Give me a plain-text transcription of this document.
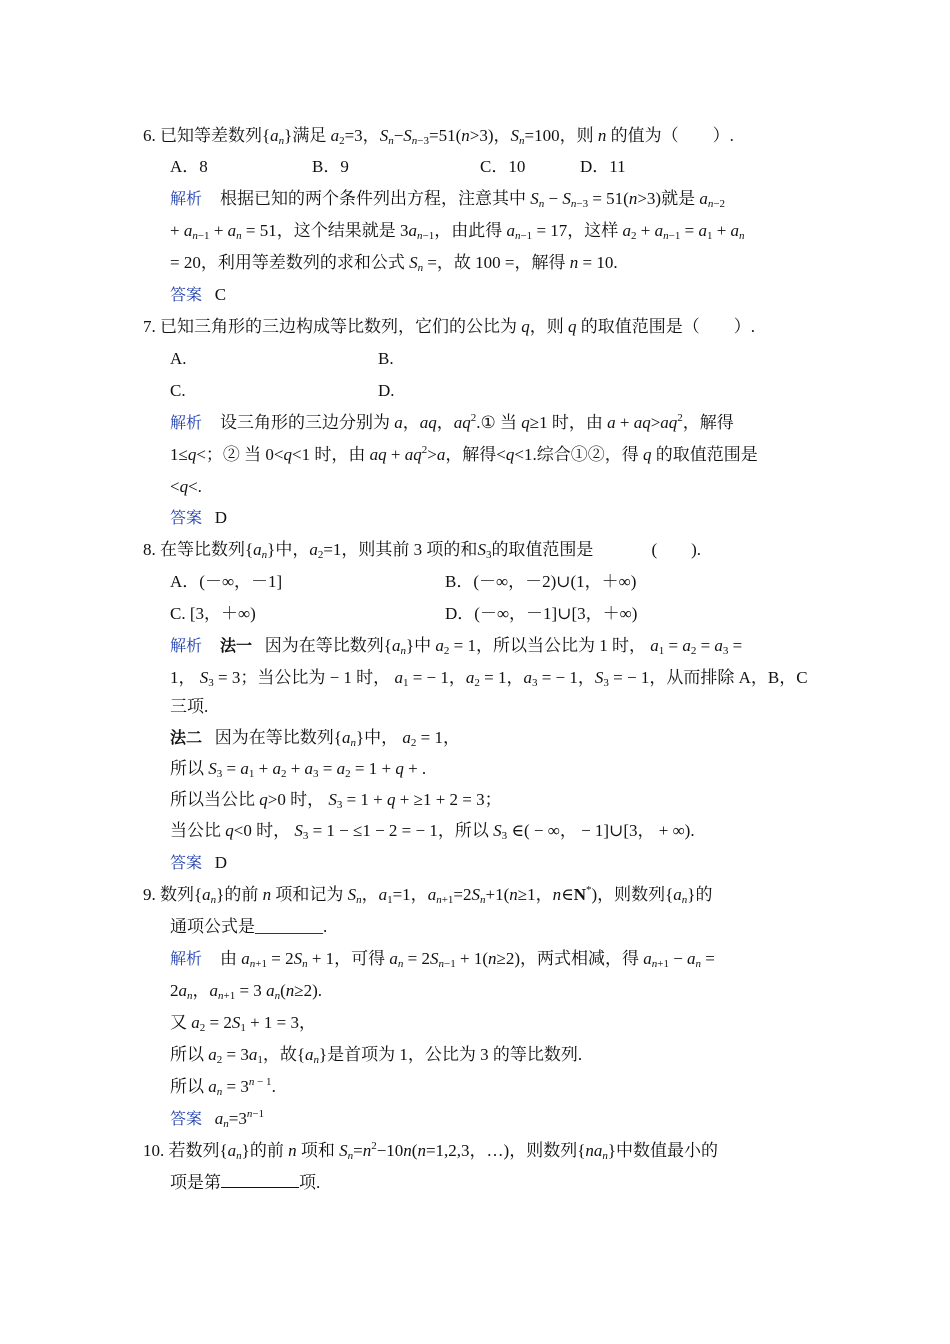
6. 已知等差数列$\{a_n\}$满足 $a_2=3$，$S_n-S_{n-3}=51(n>3)$，$S_n=100$，则 n 的值为（　　）.
A．8	B．9	C．10	D．11
解析 根据已知的两个条件列出方程，注意其中 $S_n - S_{n-3} = 51(n>3)$就是 $a_{n-2}$
+ $a_{n-1} + a_n = 51$，这个结果就是 $3a_{n-1}$，由此得 $a_{n-1} = 17$，这样 $a_2 + a_{n-1} = a_1 + a_n$
= 20，利用等差数列的求和公式 $S_n$ =，故 100 =，解得 n = 10.
答案 C
7. 已知三角形的三边构成等比数列，它们的公比为 q，则 q 的取值范围是（　　）.
A.	B.
C.	D.
解析 设三角形的三边分别为 a，aq，$aq^2.①$ 当 q≥1 时，由 $a + aq>aq^2$，解得
1≤q<；② 当 0<q<1 时，由 aq + $aq^2>a$，解得<q<1.综合①②，得 q 的取值范围是
<q<.
答案 D
8. 在等比数列$\{a_n\}$中，$a_2=1$，则其前 3 项的和$S_3$的取值范围是	(　　).
A．(－∞，－1]	B．(－∞，－2)∪(1，＋∞)
C. [3，＋∞)	D．(－∞，－1]∪[3，＋∞)
解析 法一 因为在等比数列$\{a_n\}$中 $a_2 = 1$，所以当公比为 1 时， $a_1 = a_2 = a_3$ =
1， $S_3 = 3$；当公比为 − 1 时， $a_1$ = − 1，$a_2 = 1$，$a_3$ = − 1，$S_3$ = − 1，从而排除 A，B，C
三项.
法二 因为在等比数列$\{a_n\}$中， $a_2 = 1$，
所以 $S_3 = a_1 + a_2 + a_3 = a_2 = 1 + q$ + .
所以当公比 q>0 时， $S_3 = 1 + q + \ge 1 + 2 = 3$；
当公比 q<0 时， $S_3 = 1 - \le 1 - 2$ = − 1，所以 $S_3$ ∈( − ∞， − 1]∪[3， + ∞).
答案 D
9. 数列$\{a_n\}$的前 n 项和记为 $S_n$，$a_1=1$，$a_{n+1}=2S_n+1(n\ge 1$，n∈N*)，则数列$\{a_n\}$的
通项公式是________.
解析 由 $a_{n+1} = 2S_n + 1$，可得 $a_n = 2S_{n-1} + 1(n\ge 2)$，两式相减，得 $a_{n+1} - a_n$ =
$2a_n$，$a_{n+1} = 3$ $a_n(n\ge 2)$.
又 $a_2 = 2S_1 + 1 = 3$，
所以 $a_2 = 3a_1$，故$\{a_n\}$是首项为 1，公比为 3 的等比数列.
所以 $a_n = 3^{n - 1}$.
答案 $a_n=3^{n-1}$
10. 若数列$\{a_n\}$的前 n 项和 $S_n=n^2-10n(n=1,2,3$，…)，则数列$\{na_n\}$中数值最小的
项是第	项.
